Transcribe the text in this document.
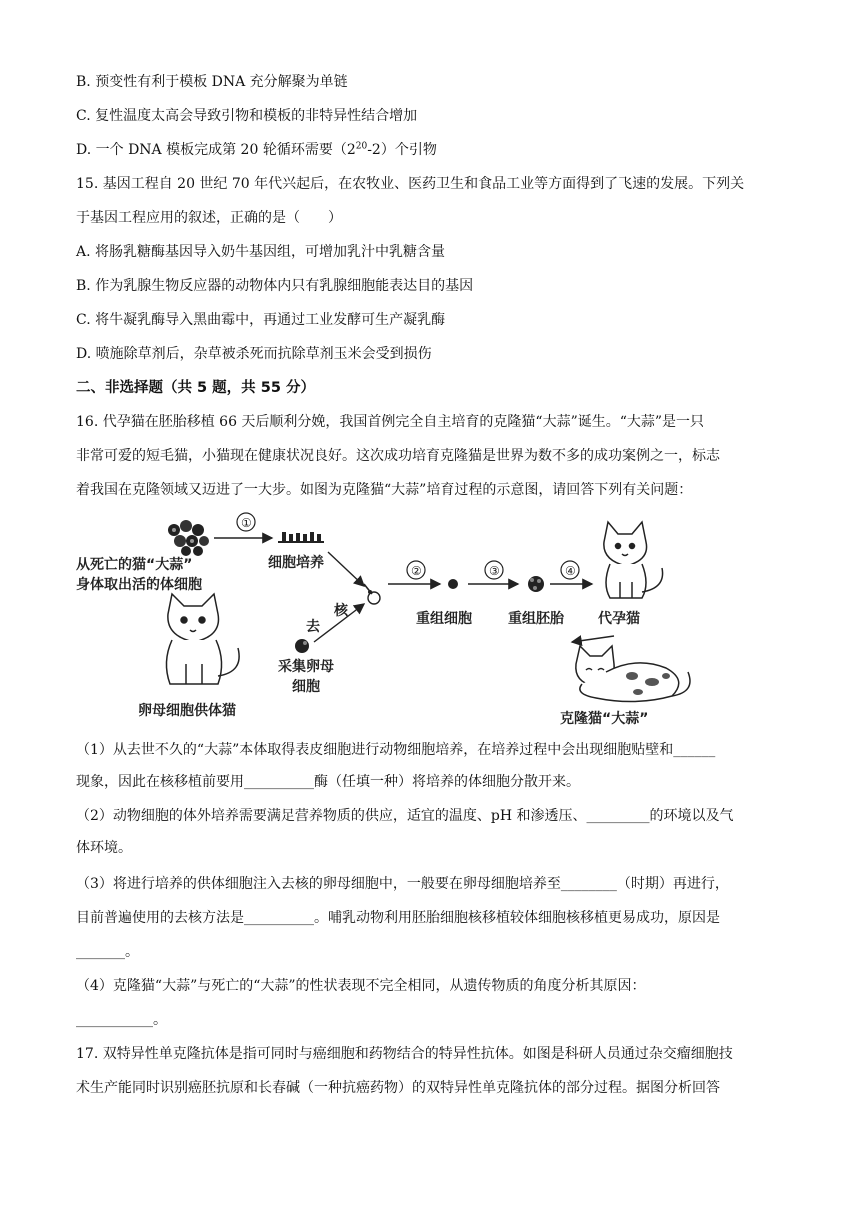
B. 预变性有利于模板 DNA 充分解聚为单链
C. 复性温度太高会导致引物和模板的非特异性结合增加
D. 一个 DNA 模板完成第 20 轮循环需要$(2^{20}-2)$个引物
15. 基因工程自 20 世纪 70 年代兴起后，在农牧业、医药卫生和食品工业等方面得到了飞速的发展。下列关
于基因工程应用的叙述，正确的是（　　）
A. 将肠乳糖酶基因导入奶牛基因组，可增加乳汁中乳糖含量
B. 作为乳腺生物反应器的动物体内只有乳腺细胞能表达目的基因
C. 将牛凝乳酶导入黑曲霉中，再通过工业发酵可生产凝乳酶
D. 喷施除草剂后，杂草被杀死而抗除草剂玉米会受到损伤
二、非选择题（共 5 题，共 55 分）
16. 代孕猫在胚胎移植 66 天后顺利分娩，我国首例完全自主培育的克隆猫“大蒜”诞生。“大蒜”是一只
非常可爱的短毛猫，小猫现在健康状况良好。这次成功培育克隆猫是世界为数不多的成功案例之一，标志
着我国在克隆领域又迈进了一大步。如图为克隆猫“大蒜”培育过程的示意图，请回答下列有关问题：
从死亡的猫“大蒜”
身体取出活的体细胞
细胞培养
去
核
采集卵母
细胞
卵母细胞供体猫
重组细胞	重组胚胎 代孕猫
克隆猫“大蒜”
（1）从去世不久的“大蒜”本体取得表皮细胞进行动物细胞培养，在培养过程中会出现细胞贴壁和______
现象，因此在核移植前要用__________酶（任填一种）将培养的体细胞分散开来。
（2）动物细胞的体外培养需要满足营养物质的供应，适宜的温度、pH 和渗透压、_________的环境以及气
体环境。
（3）将进行培养的供体细胞注入去核的卵母细胞中，一般要在卵母细胞培养至________（时期）再进行，
目前普遍使用的去核方法是__________。哺乳动物利用胚胎细胞核移植较体细胞核移植更易成功，原因是
_______。
（4）克隆猫“大蒜”与死亡的“大蒜”的性状表现不完全相同，从遗传物质的角度分析其原因：
___________。
17. 双特异性单克隆抗体是指可同时与癌细胞和药物结合的特异性抗体。如图是科研人员通过杂交瘤细胞技
术生产能同时识别癌胚抗原和长春碱（一种抗癌药物）的双特异性单克隆抗体的部分过程。据图分析回答
①
②	③	④
